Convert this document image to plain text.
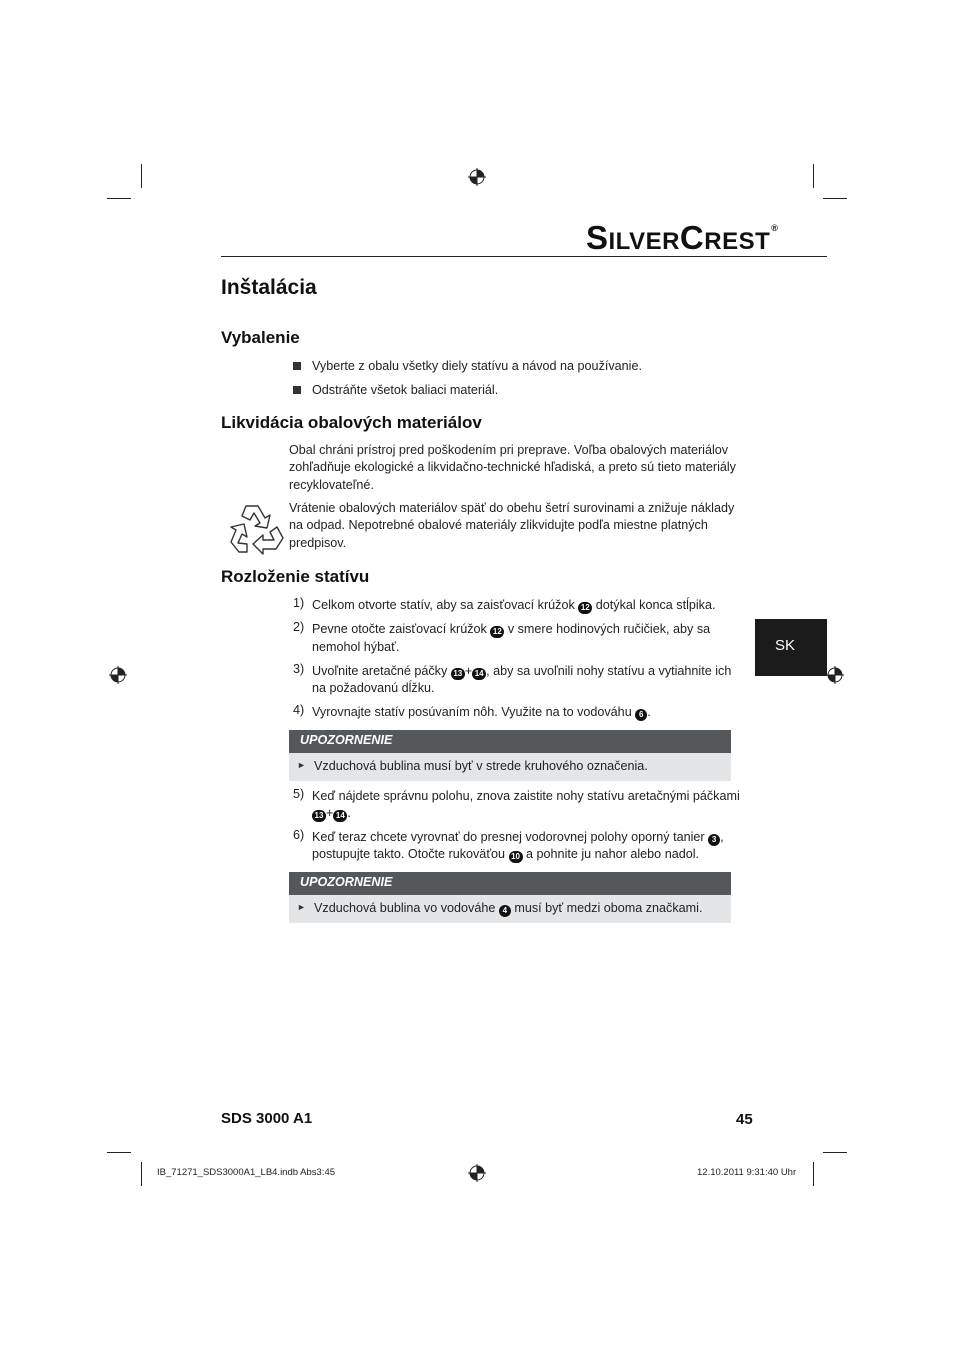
SILVERCREST®
Inštalácia
Vybalenie
Vyberte z obalu všetky diely statívu a návod na používanie.
Odstráňte všetok baliaci materiál.
Likvidácia obalových materiálov
Obal chráni prístroj pred poškodením pri preprave. Voľba obalových materiálov
zohľadňuje ekologické a likvidačno-technické hľadiská, a preto sú tieto materiály
recyklovateľné.
Vrátenie obalových materiálov späť do obehu šetrí surovinami a znižuje náklady
na odpad. Nepotrebné obalové materiály zlikvidujte podľa miestne platných
predpisov.
Rozloženie statívu
1) Celkom otvorte statív, aby sa zaisťovací krúžok 12 dotýkal konca stĺpika.
2) Pevne otočte zaisťovací krúžok 12 v smere hodinových ručičiek, aby sa
nemohol hýbať.
3) Uvoľnite aretačné páčky 13 + 14 , aby sa uvoľnili nohy statívu a vytiahnite ich
na požadovanú dĺžku.
4) Vyrovnajte statív posúvaním nôh. Využite na to vodováhu 6 .
UPOZORNENIE
► Vzduchová bublina musí byť v strede kruhového označenia.
5) Keď nájdete správnu polohu, znova zaistite nohy statívu aretačnými páčkami
13 + 14 .
6) Keď teraz chcete vyrovnať do presnej vodorovnej polohy oporný tanier 3 ,
postupujte takto. Otočte rukoväťou 10 a pohnite ju nahor alebo nadol.
UPOZORNENIE
► Vzduchová bublina vo vodováhe 4 musí byť medzi oboma značkami.
SK
SDS 3000 A1	45
IB_71271_SDS3000A1_LB4.indb Abs3:45	12.10.2011 9:31:40 Uhr
